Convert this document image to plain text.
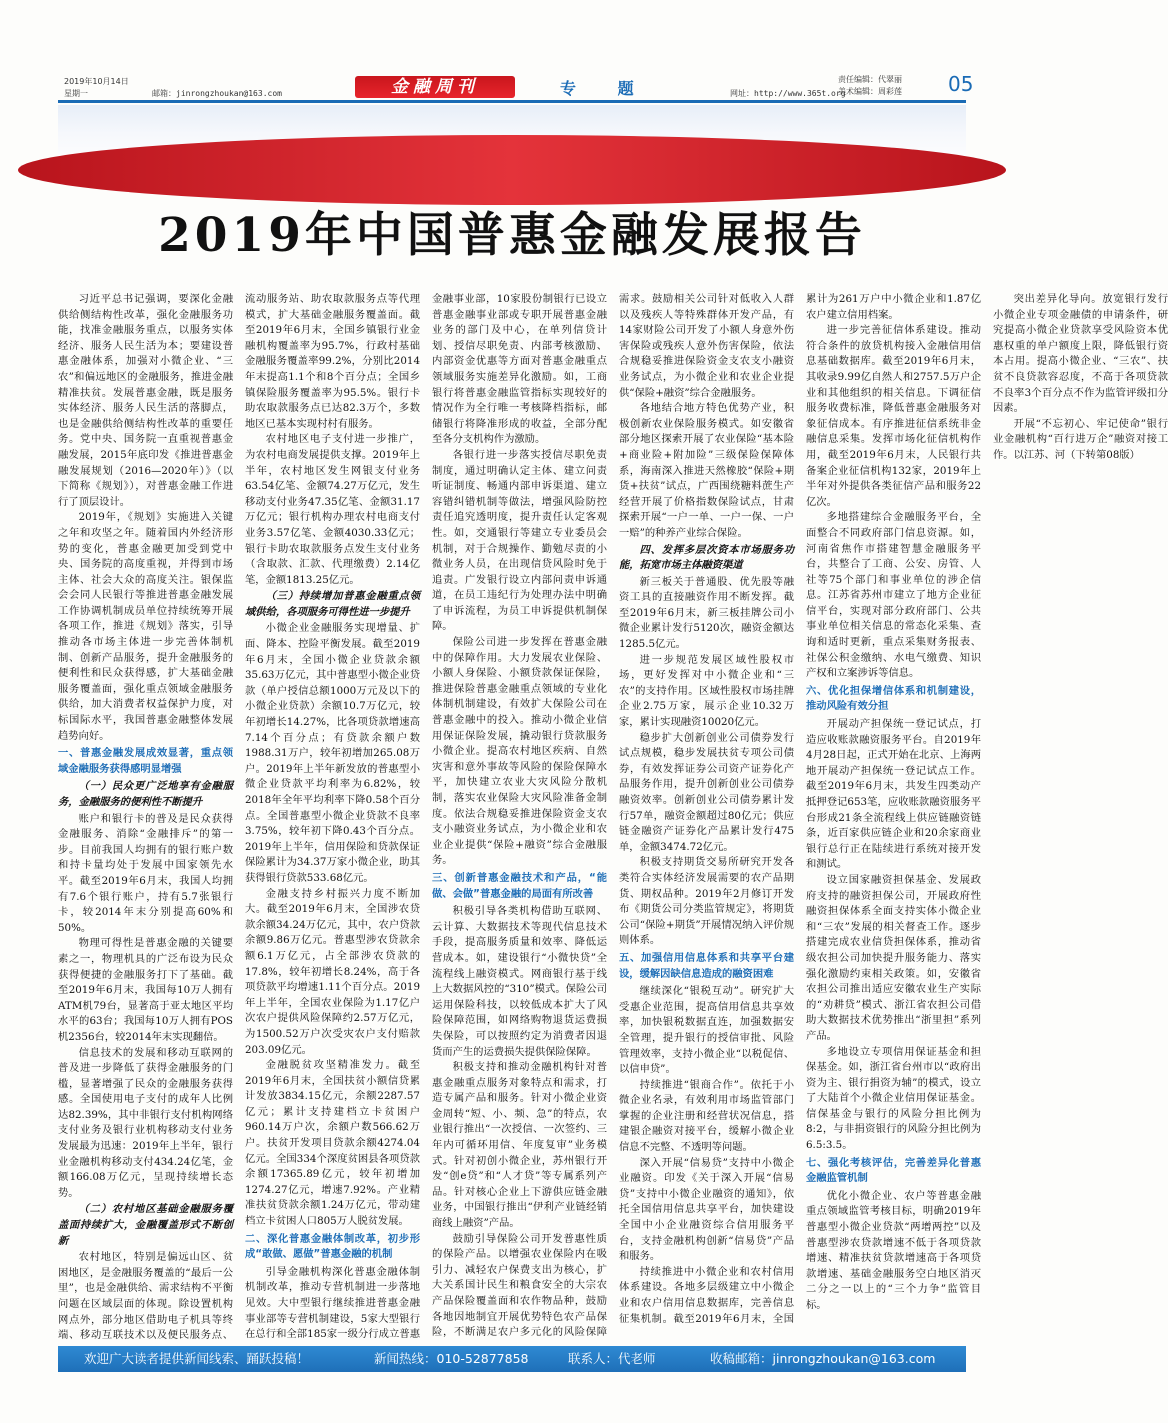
2019年10月14日
星期一	邮箱：jinrongzhoukan@163.com	金融周刊	专 题	网址：http://www.365t.org
责任编辑：代翠丽
美术编辑：周彩莲 05
2019年中国普惠金融发展报告

习近平总书记强调，要深化金融供给侧结构性改革，强化金融服务功能，找准金融服务重点，以服务实体经济、服务人民生活为本；要建设普惠金融体系，加强对小微企业、“三农”和偏远地区的金融服务，推进金融精准扶贫。发展普惠金融，既是服务实体经济、服务人民生活的落脚点，也是金融供给侧结构性改革的重要任务。党中央、国务院一直重视普惠金融发展，2015年底印发《推进普惠金融发展规划（2016—2020年）》（以下简称《规划》），对普惠金融工作进行了顶层设计。

2019年，《规划》实施进入关键之年和攻坚之年。随着国内外经济形势的变化，普惠金融更加受到党中央、国务院的高度重视，并得到市场主体、社会大众的高度关注。银保监会会同人民银行等推进普惠金融发展工作协调机制成员单位持续统筹开展各项工作，推进《规划》落实，引导推动各市场主体进一步完善体制机制、创新产品服务，提升金融服务的便利性和民众获得感，扩大基础金融服务覆盖面，强化重点领域金融服务供给，加大消费者权益保护力度，对标国际水平，我国普惠金融整体发展趋势向好。

一、普惠金融发展成效显著，重点领域金融服务获得感明显增强
（一）民众更广泛地享有金融服务，金融服务的便利性不断提升

账户和银行卡的普及是民众获得金融服务、消除“金融排斥”的第一步。目前我国人均拥有的银行账户数和持卡量均处于发展中国家领先水平。截至2019年6月末，我国人均拥有7.6个银行账户，持有5.7张银行卡，较2014年末分别提高60%和50%。

物理可得性是普惠金融的关键要素之一，物理机具的广泛布设为民众获得便捷的金融服务打下了基础。截至2019年6月末，我国每10万人拥有ATM机79台，显著高于亚太地区平均水平的63台；我国每10万人拥有POS机2356台，较2014年末实现翻倍。

信息技术的发展和移动互联网的普及进一步降低了获得金融服务的门槛，显著增强了民众的金融服务获得感。全国使用电子支付的成年人比例达82.39%，其中非银行支付机构网络支付业务及银行业机构移动支付业务发展最为迅速：2019年上半年，银行业金融机构移动支付434.24亿笔，金额166.08万亿元，呈现持续增长态势。

（二）农村地区基础金融服务覆盖面持续扩大，金融覆盖形式不断创新

农村地区，特别是偏远山区、贫困地区，是金融服务覆盖的“最后一公里”，也是金融供给、需求结构不平衡问题在区域层面的体现。除设置机构网点外，部分地区借助电子机具等终端、移动互联技术以及便民服务点、流动服务站、助农取款服务点等代理模式，扩大基础金融服务覆盖面。截至2019年6月末，全国乡镇银行业金融机构覆盖率为95.7%，行政村基础金融服务覆盖率99.2%，分别比2014年末提高1.1个和8个百分点；全国乡镇保险服务覆盖率为95.5%。银行卡助农取款服务点已达82.3万个，多数地区已基本实现村村有服务。

农村地区电子支付进一步推广，为农村电商发展提供支撑。2019年上半年，农村地区发生网银支付业务63.54亿笔、金额74.27万亿元，发生移动支付业务47.35亿笔、金额31.17万亿元；银行机构办理农村电商支付业务3.57亿笔、金额4030.33亿元；银行卡助农取款服务点发生支付业务（含取款、汇款、代理缴费）2.14亿笔，金额1813.25亿元。

（三）持续增加普惠金融重点领域供给，各项服务可得性进一步提升

小微企业金融服务实现增量、扩面、降本、控险平衡发展。截至2019年6月末，全国小微企业贷款余额35.63万亿元，其中普惠型小微企业贷款（单户授信总额1000万元及以下的小微企业贷款）余额10.7万亿元，较年初增长14.27%，比各项贷款增速高7.14个百分点；有贷款余额户数1988.31万户，较年初增加265.08万户。2019年上半年新发放的普惠型小微企业贷款平均利率为6.82%，较2018年全年平均利率下降0.58个百分点。全国普惠型小微企业贷款不良率3.75%，较年初下降0.43个百分点。2019年上半年，信用保险和贷款保证保险累计为34.37万家小微企业，助其获得银行贷款533.68亿元。

金融支持乡村振兴力度不断加大。截至2019年6月末，全国涉农贷款余额34.24万亿元，其中，农户贷款余额9.86万亿元。普惠型涉农贷款余额6.1万亿元，占全部涉农贷款的17.8%，较年初增长8.24%，高于各项贷款平均增速1.11个百分点。2019年上半年，全国农业保险为1.17亿户次农户提供风险保障约2.57万亿元，为1500.52万户次受灾农户支付赔款203.09亿元。

金融脱贫攻坚精准发力。截至2019年6月末，全国扶贫小额信贷累计发放3834.15亿元，余额2287.57亿元；累计支持建档立卡贫困户960.14万户次，余额户数566.62万户。扶贫开发项目贷款余额4274.04亿元。全国334个深度贫困县各项贷款余额17365.89亿元，较年初增加1274.27亿元，增速7.92%。产业精准扶贫贷款余额1.24万亿元，带动建档立卡贫困人口805万人脱贫发展。

二、深化普惠金融体制改革，初步形成“敢做、愿做”普惠金融的机制

引导金融机构深化普惠金融体制机制改革，推动专营机制进一步落地见效。大中型银行继续推进普惠金融事业部等专营机制建设，5家大型银行在总行和全部185家一级分行成立普惠金融事业部，10家股份制银行已设立普惠金融事业部或专职开展普惠金融业务的部门及中心，在单列信贷计划、授信尽职免责、内部考核激励、内部资金优惠等方面对普惠金融重点领域服务实施差异化激励。如，工商银行将普惠金融监管指标实现较好的情况作为全行唯一考核降档指标，邮储银行将降准形成的收益，全部分配至各分支机构作为激励。

各银行进一步落实授信尽职免责制度，通过明确认定主体、建立问责听证制度、畅通内部申诉渠道、建立容错纠错机制等做法，增强风险防控责任追究透明度，提升责任认定客观性。如，交通银行等建立专业委员会机制，对于合规操作、勤勉尽责的小微业务人员，在出现信贷风险时免于追责。广发银行设立内部问责申诉通道，在员工违纪行为处理办法中明确了申诉流程，为员工申诉提供机制保障。

保险公司进一步发挥在普惠金融中的保障作用。大力发展农业保险、小额人身保险、小额贷款保证保险，推进保险普惠金融重点领域的专业化体制机制建设，有效扩大保险公司在普惠金融中的投入。推动小微企业信用保证保险发展，撬动银行贷款服务小微企业。提高农村地区疾病、自然灾害和意外事故等风险的保险保障水平，加快建立农业大灾风险分散机制，落实农业保险大灾风险准备金制度。依法合规稳妥推进保险资金支农支小融资业务试点，为小微企业和农业企业提供“保险+融资”综合金融服务。

三、创新普惠金融技术和产品，“能做、会做”普惠金融的局面有所改善

积极引导各类机构借助互联网、云计算、大数据技术等现代信息技术手段，提高服务质量和效率、降低运营成本。如，建设银行“小微快贷”全流程线上融资模式。网商银行基于线上大数据风控的“310”模式。保险公司运用保险科技，以较低成本扩大了风险保障范围，如网络购物退货运费损失保险，可以按照约定为消费者因退货而产生的运费损失提供保险保障。

积极支持和推动金融机构针对普惠金融重点服务对象特点和需求，打造专属产品和服务。针对小微企业资金周转“短、小、频、急”的特点，农业银行推出“一次授信、一次签约、三年内可循环用信、年度复审”业务模式。针对初创小微企业，苏州银行开发“创e贷”和“人才贷”等专属系列产品。针对核心企业上下游供应链金融业务，中国银行推出“伊利产业链经销商线上融资”产品。

鼓励引导保险公司开发普惠性质的保险产品。以增强农业保险内在吸引力、减轻农户保费支出为核心，扩大关系国计民生和粮食安全的大宗农产品保险覆盖面和农作物品种，鼓励各地因地制宜开展优势特色农产品保险，不断满足农户多元化的风险保障需求。鼓励相关公司针对低收入人群以及残疾人等特殊群体开发产品，有14家财险公司开发了小额人身意外伤害保险或残疾人意外伤害保险，依法合规稳妥推进保险资金支农支小融资业务试点，为小微企业和农业企业提供“保险+融资”综合金融服务。

各地结合地方特色优势产业，积极创新农业保险服务模式。如安徽省部分地区探索开展了农业保险“基本险+商业险+附加险”三级保险保障体系，海南深入推进天然橡胶“保险+期货+扶贫”试点，广西围绕糖料蔗生产经营开展了价格指数保险试点，甘肃探索开展“一户一单、一户一保、一户一赔”的种养产业综合保险。

四、发挥多层次资本市场服务功能，拓宽市场主体融资渠道

新三板关于普通股、优先股等融资工具的直接融资作用不断发挥。截至2019年6月末，新三板挂牌公司小微企业累计发行5120次，融资金额达1285.5亿元。

进一步规范发展区域性股权市场，更好发挥对中小微企业和“三农”的支持作用。区域性股权市场挂牌企业2.75万家，展示企业10.32万家，累计实现融资10020亿元。

稳步扩大创新创业公司债券发行试点规模，稳步发展扶贫专项公司债券，有效发挥证券公司资产证券化产品服务作用，提升创新创业公司债券融资效率。创新创业公司债券累计发行57单，融资金额超过80亿元；供应链金融资产证券化产品累计发行475单，金额3474.72亿元。

积极支持期货交易所研究开发各类符合实体经济发展需要的农产品期货、期权品种。2019年2月修订开发布《期货公司分类监管规定》，将期货公司“保险+期货”开展情况纳入评价规则体系。

五、加强信用信息体系和共享平台建设，缓解因缺信息造成的融资困难

继续深化“银税互动”。研究扩大受惠企业范围，提高信用信息共享效率，加快银税数据直连，加强数据安全管理，提升银行的授信审批、风险管理效率，支持小微企业“以税促信、以信申贷”。

持续推进“银商合作”。依托于小微企业名录，有效利用市场监管部门掌握的企业注册和经营状况信息，搭建银企融资对接平台，缓解小微企业信息不完整、不透明等问题。

深入开展“信易贷”支持中小微企业融资。印发《关于深入开展“信易贷”支持中小微企业融资的通知》，依托全国信用信息共享平台，加快建设全国中小企业融资综合信用服务平台，支持金融机构创新“信易贷”产品和服务。

持续推进中小微企业和农村信用体系建设。各地多层级建立中小微企业和农户信用信息数据库，完善信息征集机制。截至2019年6月末，全国累计为261万户中小微企业和1.87亿农户建立信用档案。

进一步完善征信体系建设。推动符合条件的放贷机构接入金融信用信息基础数据库。截至2019年6月末，其收录9.99亿自然人和2757.5万户企业和其他组织的相关信息。下调征信服务收费标准，降低普惠金融服务对象征信成本。有序推进征信系统非金融信息采集。发挥市场化征信机构作用，截至2019年6月末，人民银行共备案企业征信机构132家，2019年上半年对外提供各类征信产品和服务22亿次。

多地搭建综合金融服务平台，全面整合不同政府部门信息资源。如，河南省焦作市搭建智慧金融服务平台，共整合了工商、公安、房管、人社等75个部门和事业单位的涉企信息。江苏省苏州市建立了地方企业征信平台，实现对部分政府部门、公共事业单位相关信息的常态化采集、查询和适时更新，重点采集财务报表、社保公积金缴纳、水电气缴费、知识产权和立案涉诉等信息。

六、优化担保增信体系和机制建设，推动风险有效分担

开展动产担保统一登记试点，打造应收账款融资服务平台。自2019年4月28日起，正式开始在北京、上海两地开展动产担保统一登记试点工作。截至2019年6月末，共发生四类动产抵押登记653笔，应收账款融资服务平台形成21条全流程线上供应链融资链条，近百家供应链企业和20余家商业银行总行正在陆续进行系统对接开发和测试。

设立国家融资担保基金、发展政府支持的融资担保公司，开展政府性融资担保体系全面支持实体小微企业和“三农”发展的相关督查工作。逐步搭建完成农业信贷担保体系，推动省级农担公司加快提升服务能力、落实强化激励约束相关政策。如，安徽省农担公司推出适应安徽农业生产实际的“劝耕贷”模式、浙江省农担公司借助大数据技术优势推出“浙里担”系列产品。

多地设立专项信用保证基金和担保基金。如，浙江省台州市以“政府出资为主、银行捐资为辅”的模式，设立了大陆首个小微企业信用保证基金。信保基金与银行的风险分担比例为8:2，与非捐资银行的风险分担比例为6.5:3.5。

七、强化考核评估，完善差异化普惠金融监管机制

优化小微企业、农户等普惠金融重点领域监管考核目标，明确2019年普惠型小微企业贷款“两增两控”以及普惠型涉农贷款增速不低于各项贷款增速、精准扶贫贷款增速高于各项贷款增速、基础金融服务空白地区消灭二分之一以上的“三个力争”监管目标。

突出差异化导向。放宽银行发行小微企业专项金融债的申请条件，研究提高小微企业贷款享受风险资本优惠权重的单户额度上限，降低银行资本占用。提高小微企业、“三农”、扶贫不良贷款容忍度，不高于各项贷款不良率3个百分点不作为监管评级扣分因素。

开展“不忘初心、牢记使命”银行业金融机构“百行进万企”融资对接工作。以江苏、河（下转第08版）

欢迎广大读者提供新闻线索、踊跃投稿！	新闻热线：010-52877858	联系人：代老师	收稿邮箱：jinrongzhoukan@163.com
